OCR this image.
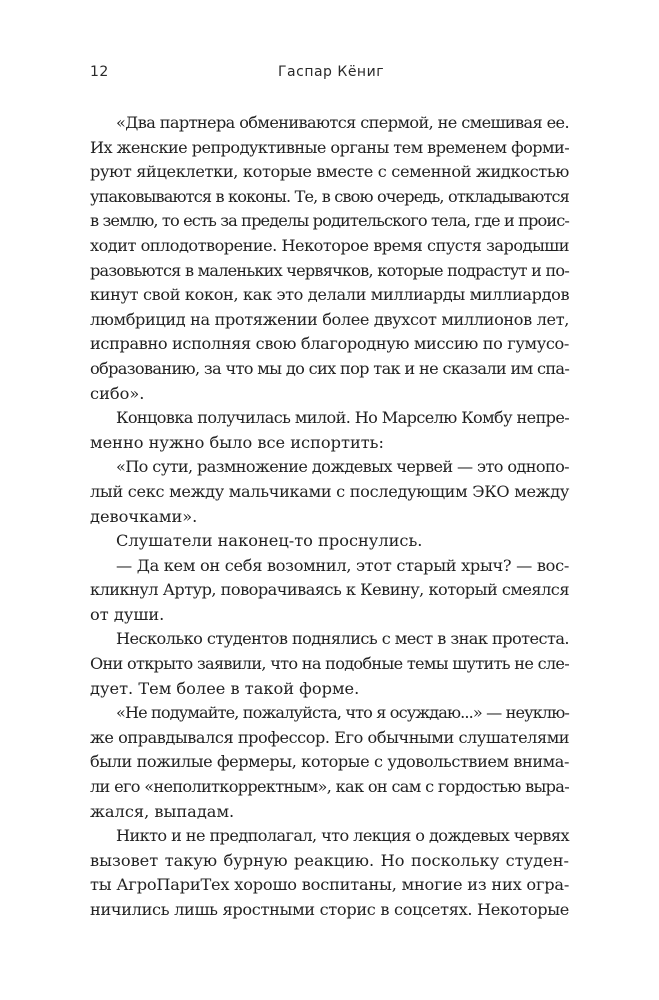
12	Гаспар Кёниг
«Два партнера обмениваются спермой, не смешивая ее.
Их женские репродуктивные органы тем временем форми-
руют яйцеклетки, которые вместе с семенной жидкостью
упаковываются в коконы. Те, в свою очередь, откладываются
в землю, то есть за пределы родительского тела, где и проис-
ходит оплодотворение. Некоторое время спустя зародыши
разовьются в маленьких червячков, которые подрастут и по-
кинут свой кокон, как это делали миллиарды миллиардов
люмбрицид на протяжении более двухсот миллионов лет,
исправно исполняя свою благородную миссию по гумусо-
образованию, за что мы до сих пор так и не сказали им спа-
сибо».
Концовка получилась милой. Но Марселю Комбу непре-
менно нужно было все испортить:
«По сути, размножение дождевых червей — это однопо-
лый секс между мальчиками с последующим ЭКО между
девочками».
Слушатели наконец-то проснулись.
— Да кем он себя возомнил, этот старый хрыч? — вос-
кликнул Артур, поворачиваясь к Кевину, который смеялся
от души.
Несколько студентов поднялись с мест в знак протеста.
Они открыто заявили, что на подобные темы шутить не сле-
дует. Тем более в такой форме.
«Не подумайте, пожалуйста, что я осуждаю...» — неуклю-
же оправдывался профессор. Его обычными слушателями
были пожилые фермеры, которые с удовольствием внима-
ли его «неполиткорректным», как он сам с гордостью выра-
жался, выпадам.
Никто и не предполагал, что лекция о дождевых червях
вызовет такую бурную реакцию. Но поскольку студен-
ты АгроПариТех хорошо воспитаны, многие из них огра-
ничились лишь яростными сторис в соцсетях. Некоторые
